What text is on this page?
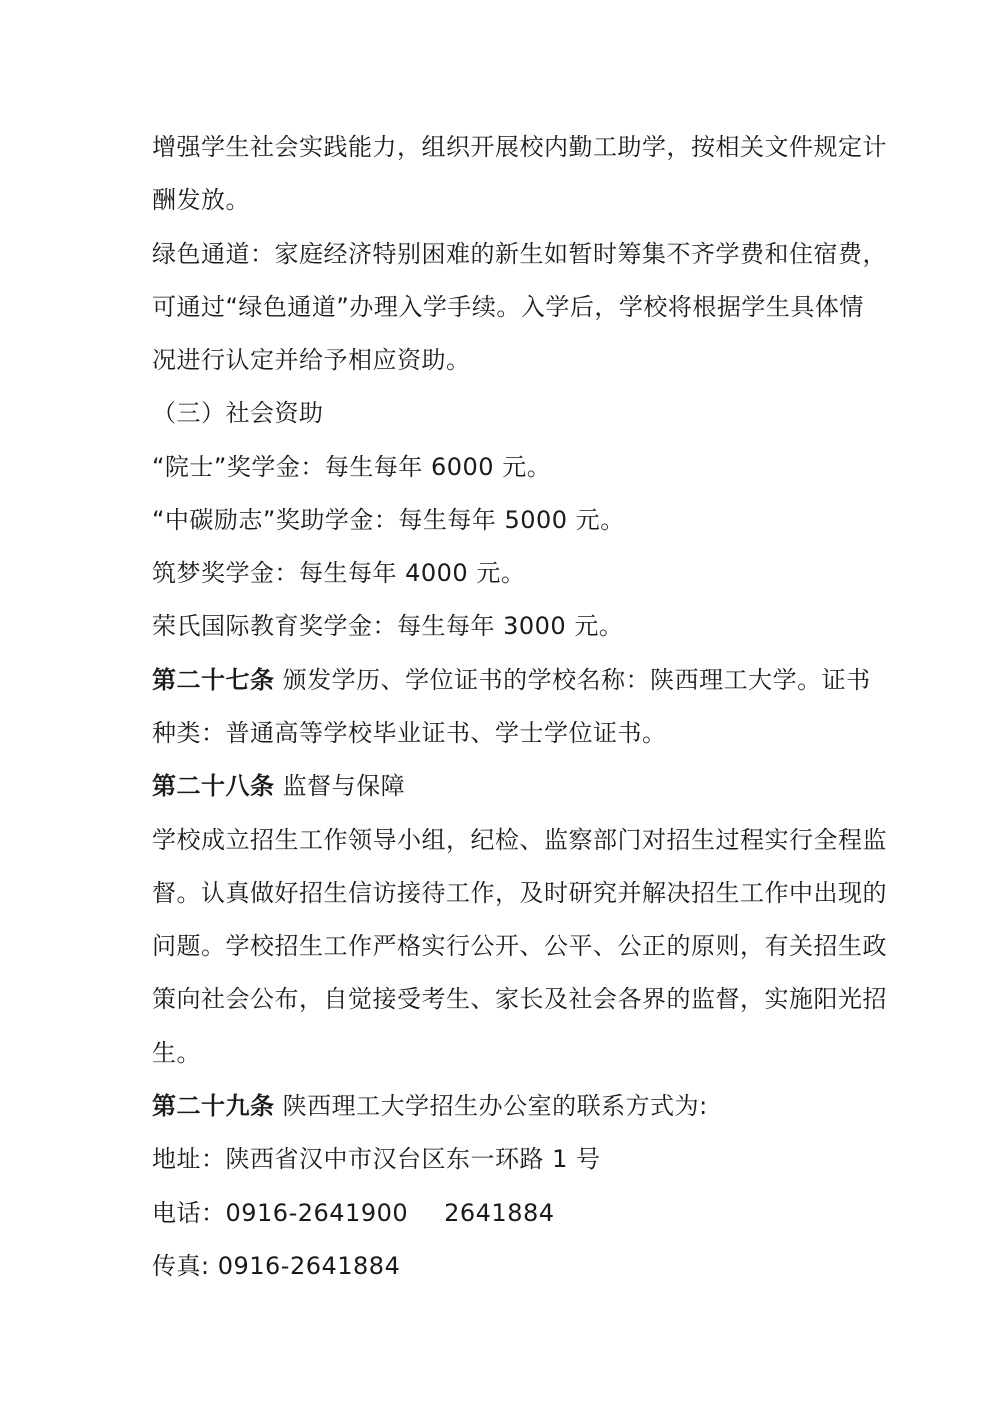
增强学生社会实践能力，组织开展校内勤工助学，按相关文件规定计
酬发放。
绿色通道：家庭经济特别困难的新生如暂时筹集不齐学费和住宿费，
可通过“绿色通道”办理入学手续。入学后，学校将根据学生具体情
况进行认定并给予相应资助。
（三）社会资助
“院士”奖学金：每生每年 6000 元。
“中碳励志”奖助学金：每生每年 5000 元。
筑梦奖学金：每生每年 4000 元。
荣氏国际教育奖学金：每生每年 3000 元。
第二十七条 颁发学历、学位证书的学校名称：陕西理工大学。证书
种类：普通高等学校毕业证书、学士学位证书。
第二十八条 监督与保障
学校成立招生工作领导小组，纪检、监察部门对招生过程实行全程监
督。认真做好招生信访接待工作，及时研究并解决招生工作中出现的
问题。学校招生工作严格实行公开、公平、公正的原则，有关招生政
策向社会公布，自觉接受考生、家长及社会各界的监督，实施阳光招
生。
第二十九条 陕西理工大学招生办公室的联系方式为:
地址：陕西省汉中市汉台区东一环路 1 号
电话：0916-2641900 2641884
传真: 0916-2641884
